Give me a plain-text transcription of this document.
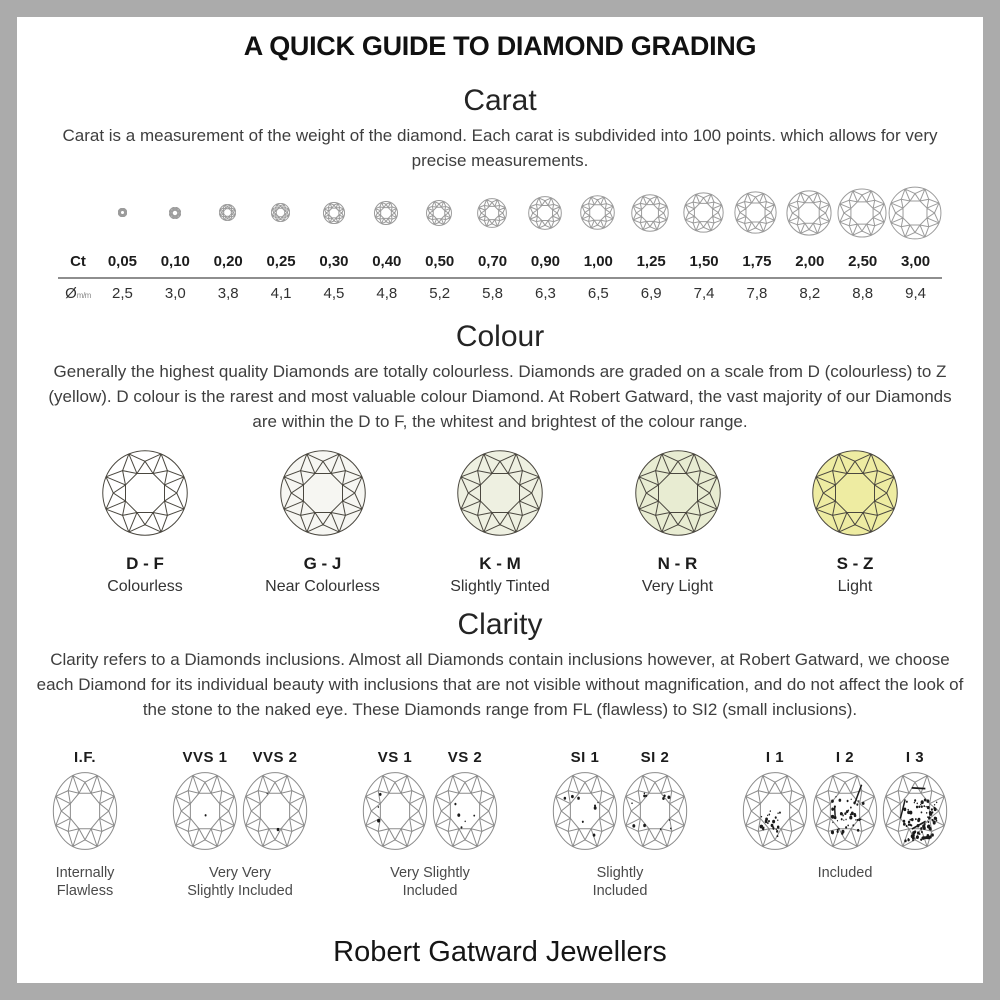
A QUICK GUIDE TO DIAMOND GRADING
Carat
Carat is a measurement of the weight of the diamond. Each carat is subdivided into 100 points. which allows for very precise measurements.
Ct	0,05	0,10	0,20	0,25	0,30	0,40	0,50	0,70	0,90	1,00	1,25	1,50	1,75	2,00	2,50	3,00
Øm/m	2,5	3,0	3,8	4,1	4,5	4,8	5,2	5,8	6,3	6,5	6,9	7,4	7,8	8,2	8,8	9,4
Colour
Generally the highest quality Diamonds are totally colourless. Diamonds are graded on a scale from D (colourless) to Z (yellow). D colour is the rarest and most valuable colour Diamond. At Robert Gatward, the vast majority of our Diamonds are within the D to F, the whitest and brightest of the colour range.
D - F
Colourless
G - J
Near Colourless
K - M
Slightly Tinted
N - R
Very Light
S - Z
Light
Clarity
Clarity refers to a Diamonds inclusions. Almost all Diamonds contain inclusions however, at Robert Gatward, we choose each Diamond for its individual beauty with inclusions that are not visible without magnification, and do not affect the look of the stone to the naked eye. These Diamonds range from FL (flawless) to SI2 (small inclusions).
I.F.
Internally
Flawless
VVS 1 VVS 2
Very Very
Slightly Included
VS 1 VS 2
Very Slightly
Included
SI 1	SI 2
Slightly
Included
I 1	I 2	I 3
Included
Robert Gatward Jewellers
